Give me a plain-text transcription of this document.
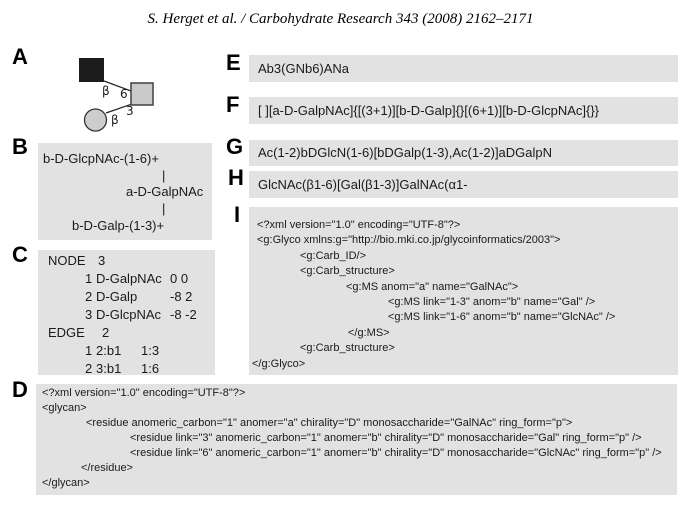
S. Herget et al. / Carbohydrate Research 343 (2008) 2162–2171
A
B
C
D
E
F
G
H
I
β 6
3
β
b-D-GlcpNAc-(1-6)+
|
a-D-GalpNAc
|
b-D-Galp-(1-3)+
NODE 3
1 D-GalpNAc 0 0
2 D-Galp	-8 2
3 D-GlcpNAc -8 -2
EDGE 2
1 2:b1 1:3
2 3:b1 1:6
<?xml version="1.0" encoding="UTF-8"?>
<glycan>
<residue anomeric_carbon="1" anomer="a" chirality="D" monosaccharide="GalNAc" ring_form="p">
<residue link="3" anomeric_carbon="1" anomer="b" chirality="D" monosaccharide="Gal" ring_form="p" />
<residue link="6" anomeric_carbon="1" anomer="b" chirality="D" monosaccharide="GlcNAc" ring_form="p" />
</residue>
</glycan>
Ab3(GNb6)ANa
[ ][a-D-GalpNAc]{[(3+1)][b-D-Galp]{}[(6+1)][b-D-GlcpNAc]{}}
Ac(1-2)bDGlcN(1-6)[bDGalp(1-3),Ac(1-2)]aDGalpN
GlcNAc(β1-6)[Gal(β1-3)]GalNAc(α1-
<?xml version="1.0" encoding="UTF-8"?>
<g:Glyco xmlns:g="http://bio.mki.co.jp/glycoinformatics/2003">
<g:Carb_ID/>
<g:Carb_structure>
<g:MS anom="a" name="GalNAc">
<g:MS link="1-3" anom="b" name="Gal" />
<g:MS link="1-6" anom="b" name="GlcNAc" />
</g:MS>
<g:Carb_structure>
</g:Glyco>
